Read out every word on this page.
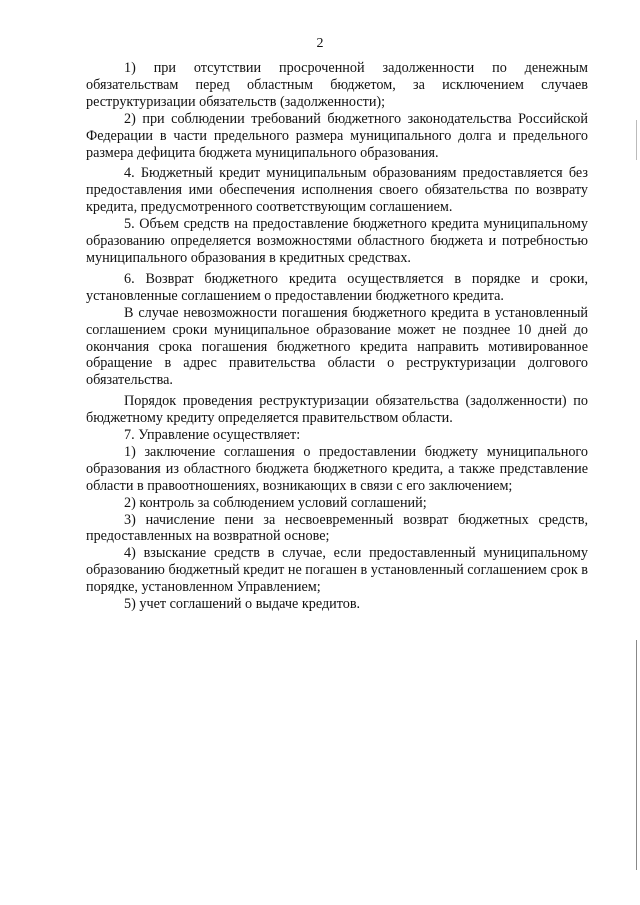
2

1) при отсутствии просроченной задолженности по денежным обязательствам перед областным бюджетом, за исключением случаев реструктуризации обязательств (задолженности);

2) при соблюдении требований бюджетного законодательства Российской Федерации в части предельного размера муниципального долга и предельного размера дефицита бюджета муниципального образования.

4. Бюджетный кредит муниципальным образованиям предоставляется без предоставления ими обеспечения исполнения своего обязательства по возврату кредита, предусмотренного соответствующим соглашением.

5. Объем средств на предоставление бюджетного кредита муниципальному образованию определяется возможностями областного бюджета и потребностью муниципального образования в кредитных средствах.

6. Возврат бюджетного кредита осуществляется в порядке и сроки, установленные соглашением о предоставлении бюджетного кредита.

В случае невозможности погашения бюджетного кредита в установленный соглашением сроки муниципальное образование может не позднее 10 дней до окончания срока погашения бюджетного кредита направить мотивированное обращение в адрес правительства области о реструктуризации долгового обязательства.

Порядок проведения реструктуризации обязательства (задолженности) по бюджетному кредиту определяется правительством области.

7. Управление осуществляет:

1) заключение соглашения о предоставлении бюджету муниципального образования из областного бюджета бюджетного кредита, а также представление области в правоотношениях, возникающих в связи с его заключением;

2) контроль за соблюдением условий соглашений;

3) начисление пени за несвоевременный возврат бюджетных средств, предоставленных на возвратной основе;

4) взыскание средств в случае, если предоставленный муниципальному образованию бюджетный кредит не погашен в установленный соглашением срок в порядке, установленном Управлением;

5) учет соглашений о выдаче кредитов.
